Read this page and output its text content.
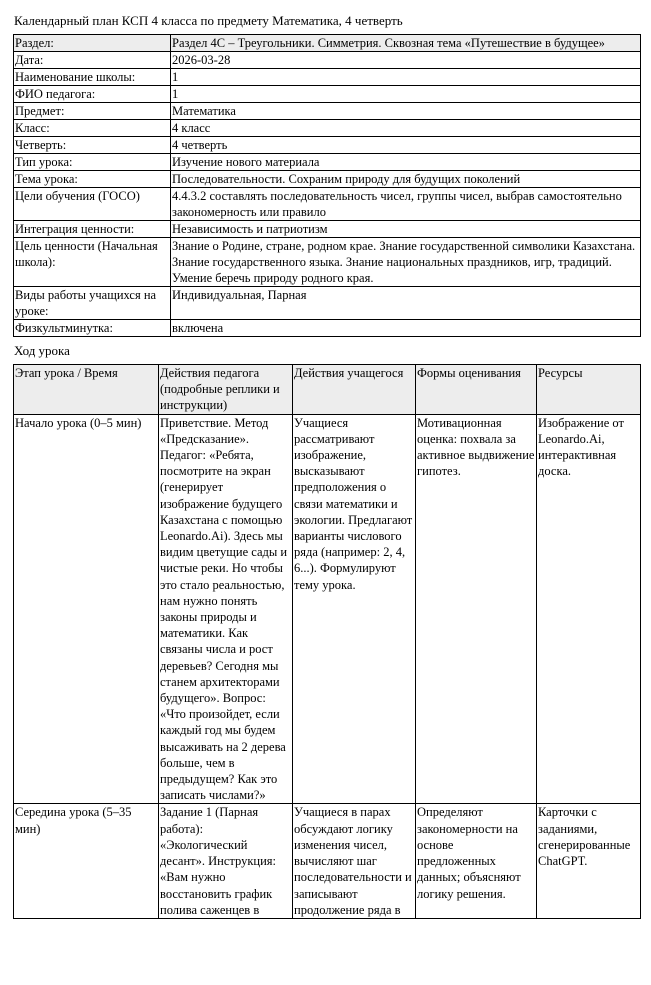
Календарный план КСП 4 класса по предмету Математика, 4 четверть
Раздел:	Раздел 4С – Треугольники. Симметрия. Сквозная тема «Путешествие в будущее»
Дата:	2026-03-28
Наименование школы:	1
ФИО педагога:	1
Предмет:	Математика
Класс:	4 класс
Четверть:	4 четверть
Тип урока:	Изучение нового материала
Тема урока:	Последовательности. Сохраним природу для будущих поколений
Цели обучения (ГОСО)	4.4.3.2 составлять последовательность чисел, группы чисел, выбрав самостоятельно закономерность или правило
Интеграция ценности:	Независимость и патриотизм
Цель ценности (Начальная школа):	Знание о Родине, стране, родном крае. Знание государственной символики Казахстана. Знание государственного языка. Знание национальных праздников, игр, традиций. Умение беречь природу родного края.
Виды работы учащихся на уроке:	Индивидуальная, Парная
Физкультминутка:	включена
Ход урока
Этап урока / Время	Действия педагога (подробные реплики и инструкции)	Действия учащегося	Формы оценивания	Ресурсы
Начало урока (0–5 мин)	Приветствие. Метод «Предсказание». Педагог: «Ребята, посмотрите на экран (генерирует изображение будущего Казахстана с помощью Leonardo.Ai). Здесь мы видим цветущие сады и чистые реки. Но чтобы это стало реальностью, нам нужно понять законы природы и математики. Как связаны числа и рост деревьев? Сегодня мы станем архитекторами будущего». Вопрос: «Что произойдет, если каждый год мы будем высаживать на 2 дерева больше, чем в предыдущем? Как это записать числами?»	Учащиеся рассматривают изображение, высказывают предположения о связи математики и экологии. Предлагают варианты числового ряда (например: 2, 4, 6...). Формулируют тему урока.	Мотивационная оценка: похвала за активное выдвижение гипотез.	Изображение от Leonardo.Ai, интерактивная доска.
Середина урока (5–35 мин)	Задание 1 (Парная работа): «Экологический десант». Инструкция: «Вам нужно восстановить график полива саженцев в	Учащиеся в парах обсуждают логику изменения чисел, вычисляют шаг последовательности и записывают продолжение ряда в	Определяют закономерности на основе предложенных данных; объясняют логику решения.	Карточки с заданиями, сгенерированные ChatGPT.
